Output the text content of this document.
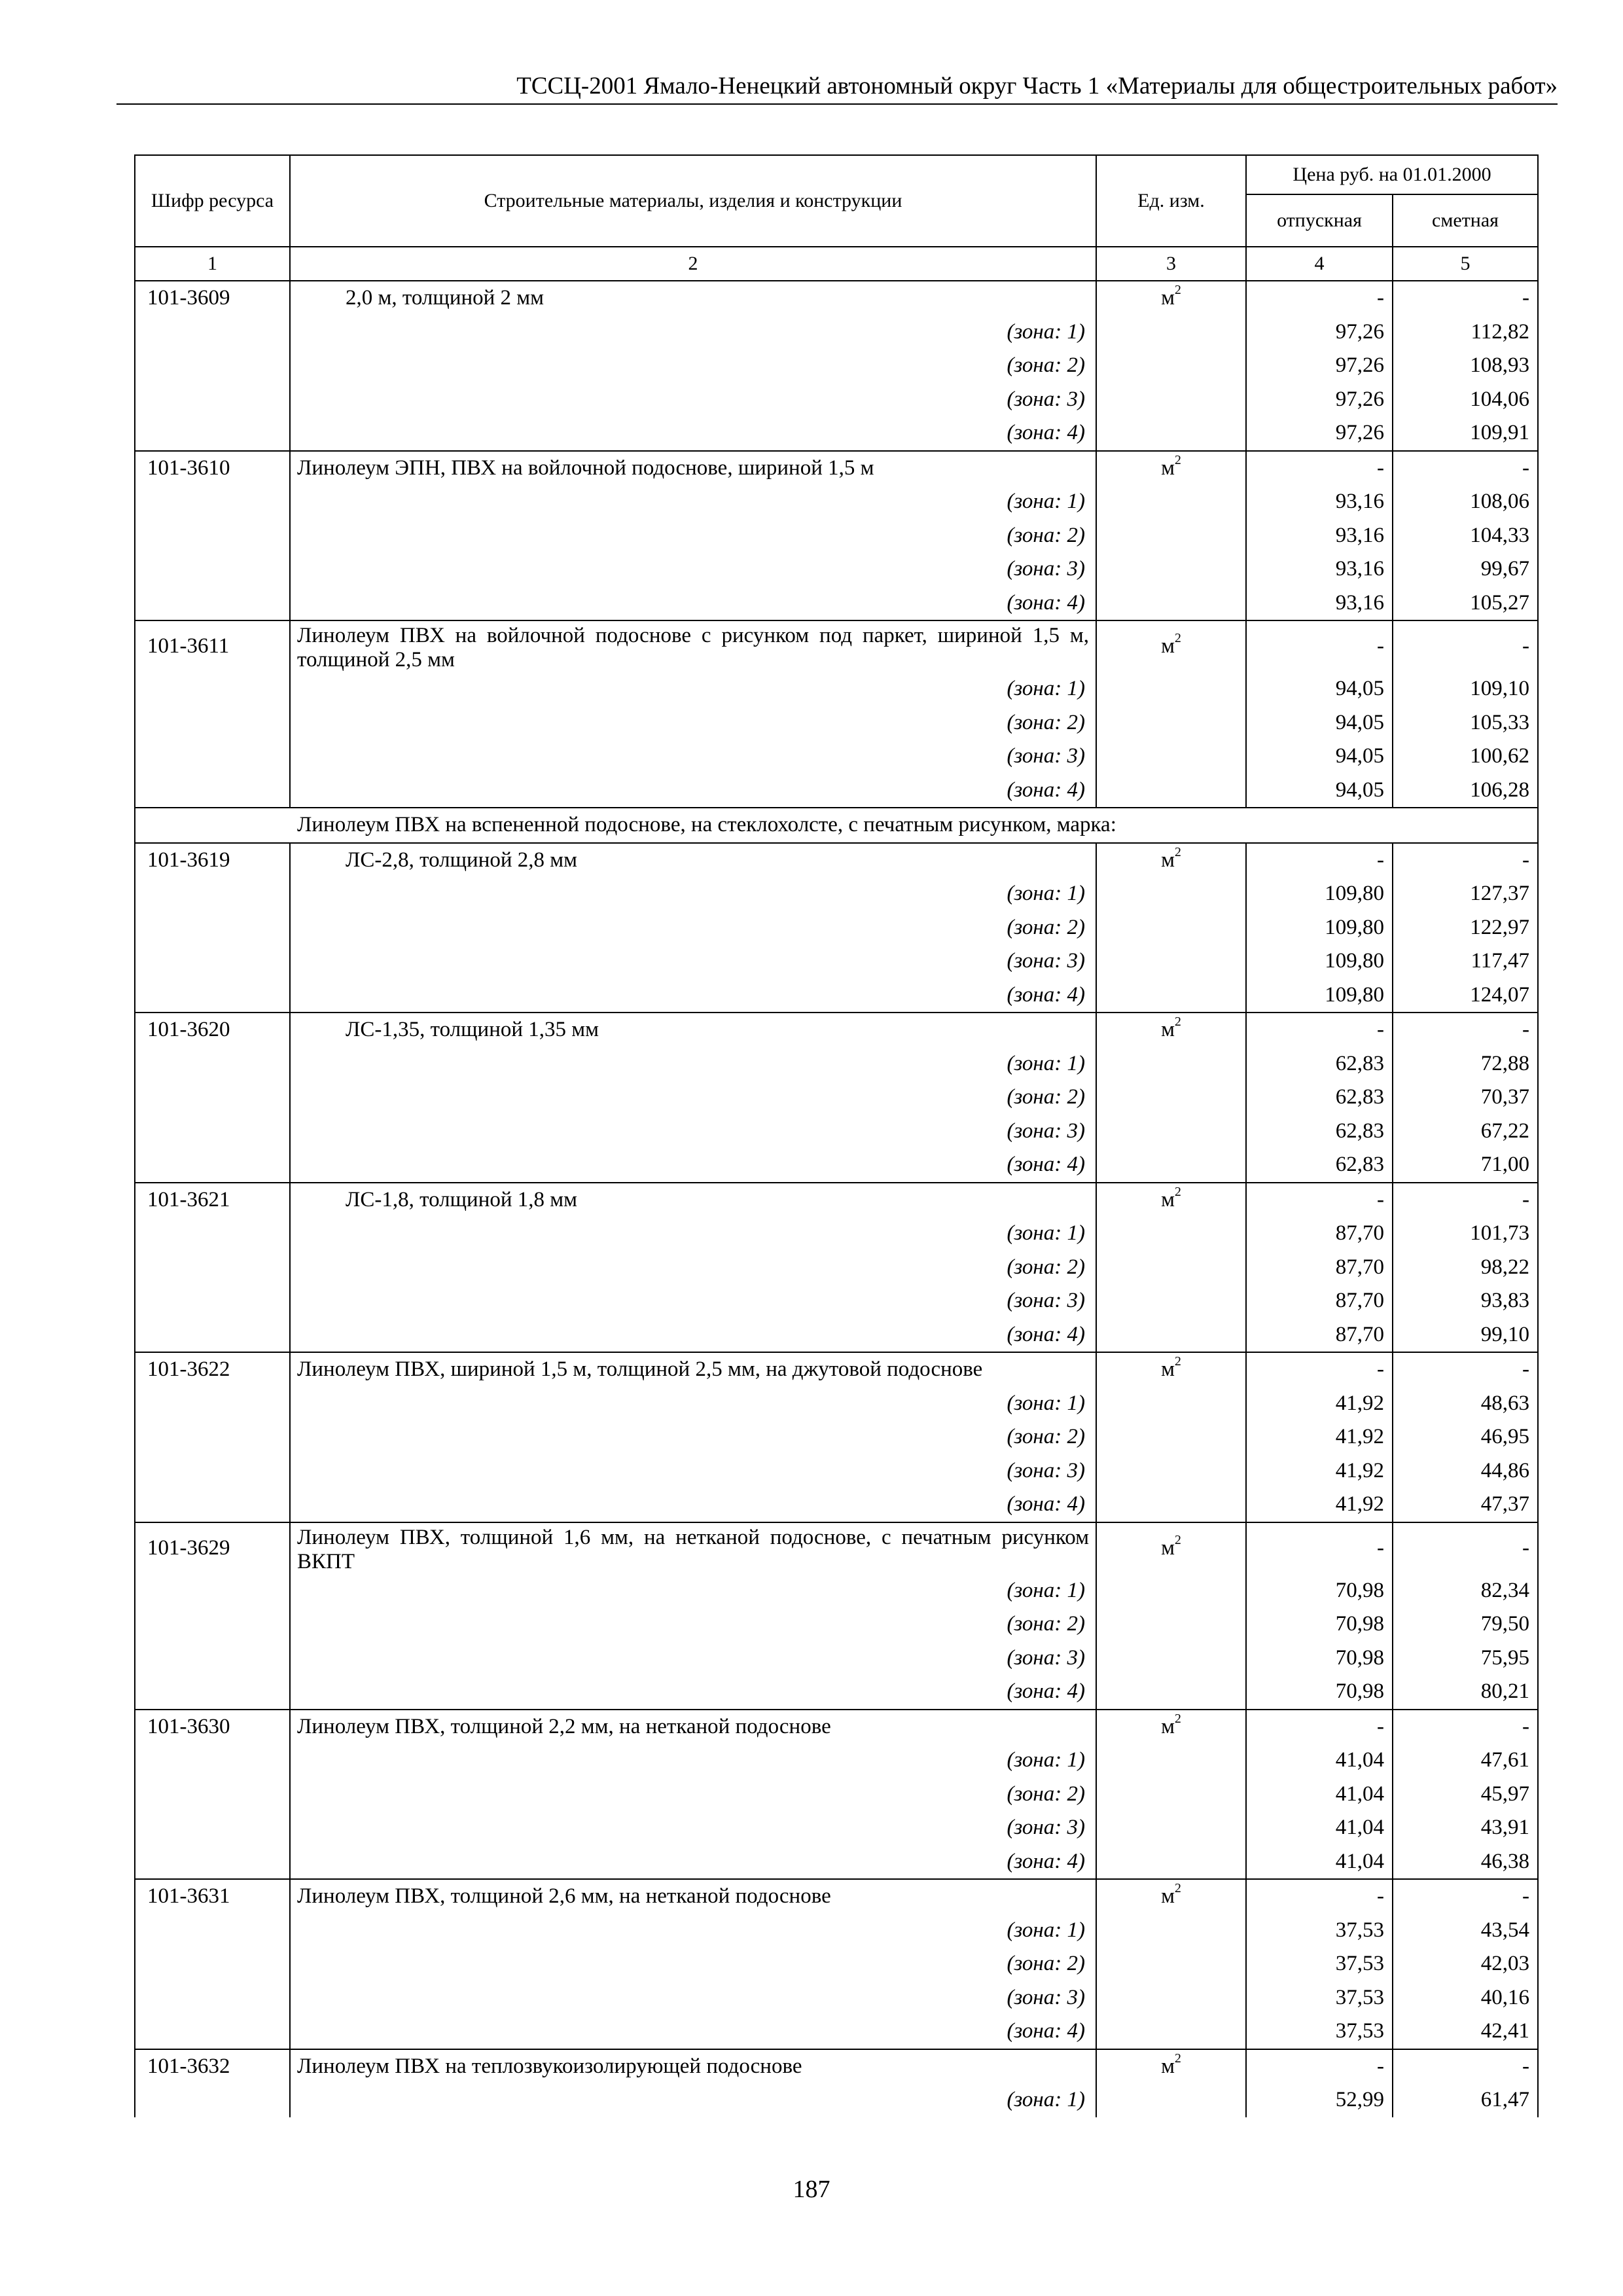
ТССЦ-2001 Ямало-Ненецкий автономный округ Часть 1 «Материалы для общестроительных работ»
Шифр ресурса	Строительные материалы, изделия и конструкции	Ед. изм.	Цена руб. на 01.01.2000	
			отпускная	сметная
1	2	3	4	5
101-3609	2,0 м, толщиной 2 мм	$м^2$	-	-
	(зона: 1)		97,26	112,82
	(зона: 2)		97,26	108,93
	(зона: 3)		97,26	104,06
	(зона: 4)		97,26	109,91
101-3610	Линолеум ЭПН, ПВХ на войлочной подоснове, шириной 1,5 м	$м^2$	-	-
	(зона: 1)		93,16	108,06
	(зона: 2)		93,16	104,33
	(зона: 3)		93,16	99,67
	(зона: 4)		93,16	105,27
101-3611	Линолеум ПВХ на войлочной подоснове с рисунком под паркет, шириной 1,5 м, толщиной 2,5 мм	$м^2$	-	-
	(зона: 1)		94,05	109,10
	(зона: 2)		94,05	105,33
	(зона: 3)		94,05	100,62
	(зона: 4)		94,05	106,28
Линолеум ПВХ на вспененной подоснове, на стеклохолсте, с печатным рисунком, марка:				
101-3619	ЛС-2,8, толщиной 2,8 мм	$м^2$	-	-
	(зона: 1)		109,80	127,37
	(зона: 2)		109,80	122,97
	(зона: 3)		109,80	117,47
	(зона: 4)		109,80	124,07
101-3620	ЛС-1,35, толщиной 1,35 мм	$м^2$	-	-
	(зона: 1)		62,83	72,88
	(зона: 2)		62,83	70,37
	(зона: 3)		62,83	67,22
	(зона: 4)		62,83	71,00
101-3621	ЛС-1,8, толщиной 1,8 мм	$м^2$	-	-
	(зона: 1)		87,70	101,73
	(зона: 2)		87,70	98,22
	(зона: 3)		87,70	93,83
	(зона: 4)		87,70	99,10
101-3622	Линолеум ПВХ, шириной 1,5 м, толщиной 2,5 мм, на джутовой подоснове	$м^2$	-	-
	(зона: 1)		41,92	48,63
	(зона: 2)		41,92	46,95
	(зона: 3)		41,92	44,86
	(зона: 4)		41,92	47,37
101-3629	Линолеум ПВХ, толщиной 1,6 мм, на нетканой подоснове, с печатным рисунком ВКПТ	$м^2$	-	-
	(зона: 1)		70,98	82,34
	(зона: 2)		70,98	79,50
	(зона: 3)		70,98	75,95
	(зона: 4)		70,98	80,21
101-3630	Линолеум ПВХ, толщиной 2,2 мм, на нетканой подоснове	$м^2$	-	-
	(зона: 1)		41,04	47,61
	(зона: 2)		41,04	45,97
	(зона: 3)		41,04	43,91
	(зона: 4)		41,04	46,38
101-3631	Линолеум ПВХ, толщиной 2,6 мм, на нетканой подоснове	$м^2$	-	-
	(зона: 1)		37,53	43,54
	(зона: 2)		37,53	42,03
	(зона: 3)		37,53	40,16
	(зона: 4)		37,53	42,41
101-3632	Линолеум ПВХ на теплозвукоизолирующей подоснове	$м^2$	-	-
	(зона: 1)		52,99	61,47
187
